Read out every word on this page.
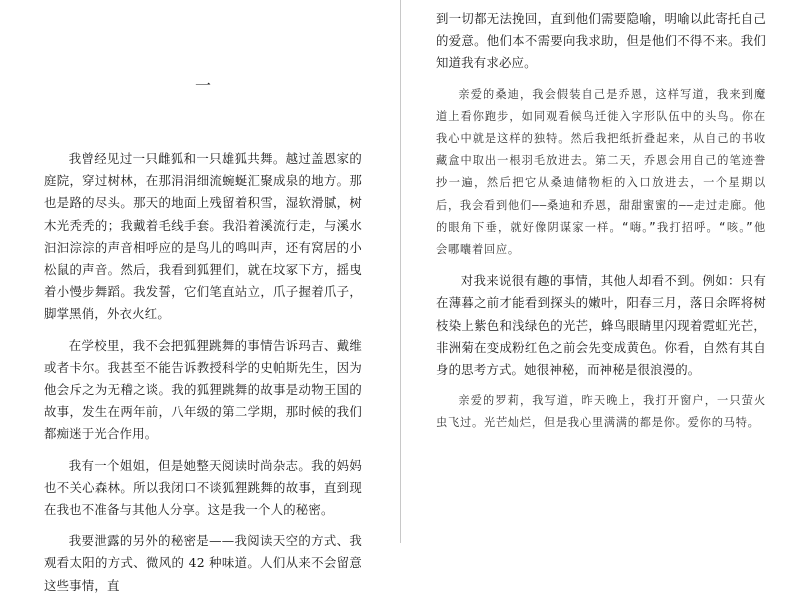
一

我曾经见过一只雌狐和一只雄狐共舞。越过盖恩家的庭院，穿过树林，在那涓涓细流蜿蜒汇聚成泉的地方。那也是路的尽头。那天的地面上残留着积雪，湿软滑腻，树木光秃秃的；我戴着毛线手套。我沿着溪流行走，与溪水汩汩淙淙的声音相呼应的是鸟儿的鸣叫声，还有窝居的小松鼠的声音。然后，我看到狐狸们，就在坟冢下方，摇曳着小慢步舞蹈。我发誓，它们笔直站立，爪子握着爪子，脚掌黑俏，外衣火红。

在学校里，我不会把狐狸跳舞的事情告诉玛吉、戴维或者卡尔。我甚至不能告诉教授科学的史帕斯先生，因为他会斥之为无稽之谈。我的狐狸跳舞的故事是动物王国的故事，发生在两年前，八年级的第二学期，那时候的我们都痴迷于光合作用。

我有一个姐姐，但是她整天阅读时尚杂志。我的妈妈也不关心森林。所以我闭口不谈狐狸跳舞的故事，直到现在我也不准备与其他人分享。这是我一个人的秘密。

我要泄露的另外的秘密是——我阅读天空的方式、我观看太阳的方式、微风的 42 种味道。人们从来不会留意这些事情，直

到一切都无法挽回，直到他们需要隐喻，明喻以此寄托自己的爱意。他们本不需要向我求助，但是他们不得不来。我们知道我有求必应。

亲爱的桑迪，我会假装自己是乔恩，这样写道，我来到魔道上看你跑步，如同观看候鸟迁徙入字形队伍中的头鸟。你在我心中就是这样的独特。然后我把纸折叠起来，从自己的书收藏盒中取出一根羽毛放进去。第二天，乔恩会用自己的笔迹誊抄一遍，然后把它从桑迪储物柜的入口放进去，一个星期以后，我会看到他们——桑迪和乔恩，甜甜蜜蜜的——走过走廊。他的眼角下垂，就好像阴谋家一样。“嗨。”我打招呼。“咳。”他会哪囔着回应。

对我来说很有趣的事情，其他人却看不到。例如：只有在薄暮之前才能看到探头的嫩叶，阳春三月，落日余晖将树枝染上紫色和浅绿色的光芒，蜂鸟眼睛里闪现着霓虹光芒，非洲菊在变成粉红色之前会先变成黄色。你看，自然有其自身的思考方式。她很神秘，而神秘是很浪漫的。

亲爱的罗莉，我写道，昨天晚上，我打开窗户，一只萤火虫飞过。光芒灿烂，但是我心里满满的都是你。爱你的马特。
